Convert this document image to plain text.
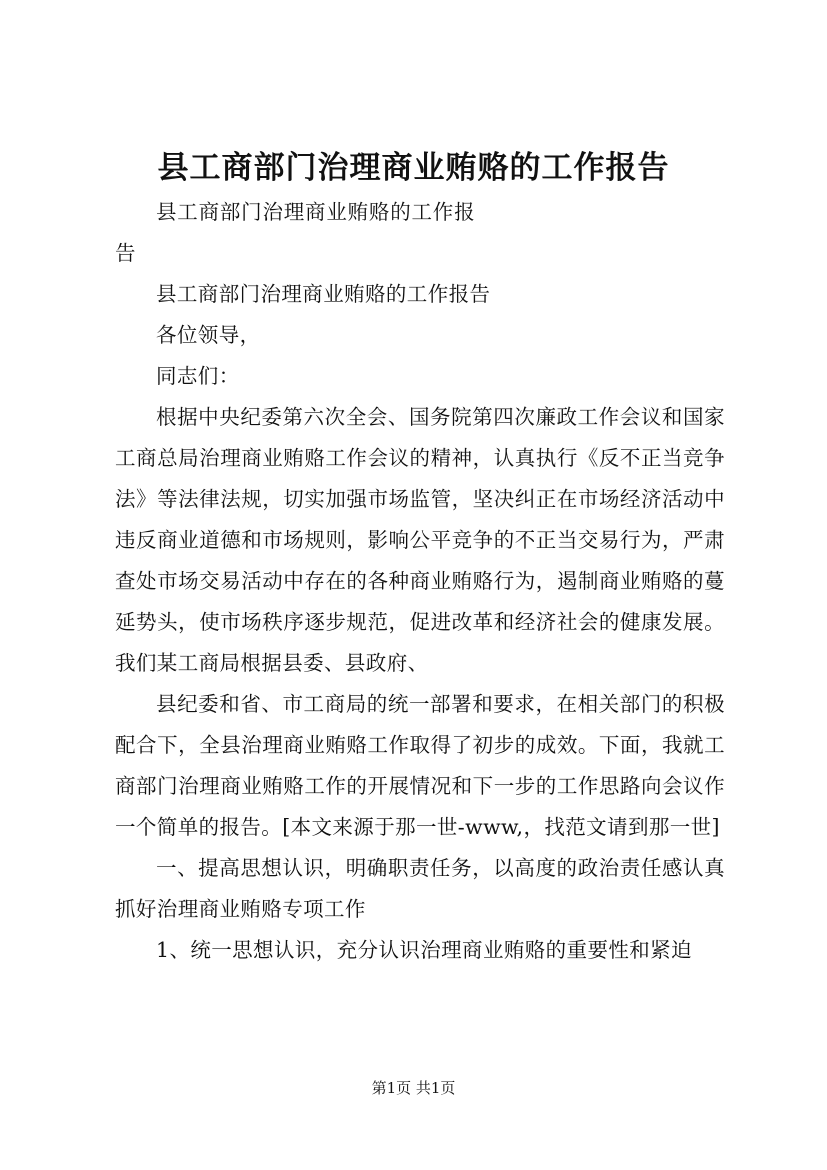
县工商部门治理商业贿赂的工作报告

县工商部门治理商业贿赂的工作报告

县工商部门治理商业贿赂的工作报告

各位领导，

同志们：

根据中央纪委第六次全会、国务院第四次廉政工作会议和国家工商总局治理商业贿赂工作会议的精神，认真执行《反不正当竞争法》等法律法规，切实加强市场监管，坚决纠正在市场经济活动中违反商业道德和市场规则，影响公平竞争的不正当交易行为，严肃查处市场交易活动中存在的各种商业贿赂行为，遏制商业贿赂的蔓延势头，使市场秩序逐步规范，促进改革和经济社会的健康发展。我们某工商局根据县委、县政府、

县纪委和省、市工商局的统一部署和要求，在相关部门的积极配合下，全县治理商业贿赂工作取得了初步的成效。下面，我就工商部门治理商业贿赂工作的开展情况和下一步的工作思路向会议作一个简单的报告。[本文来源于那一世-www,，找范文请到那一世]

一、提高思想认识，明确职责任务，以高度的政治责任感认真抓好治理商业贿赂专项工作

1、统一思想认识，充分认识治理商业贿赂的重要性和紧迫

第1页 共1页
